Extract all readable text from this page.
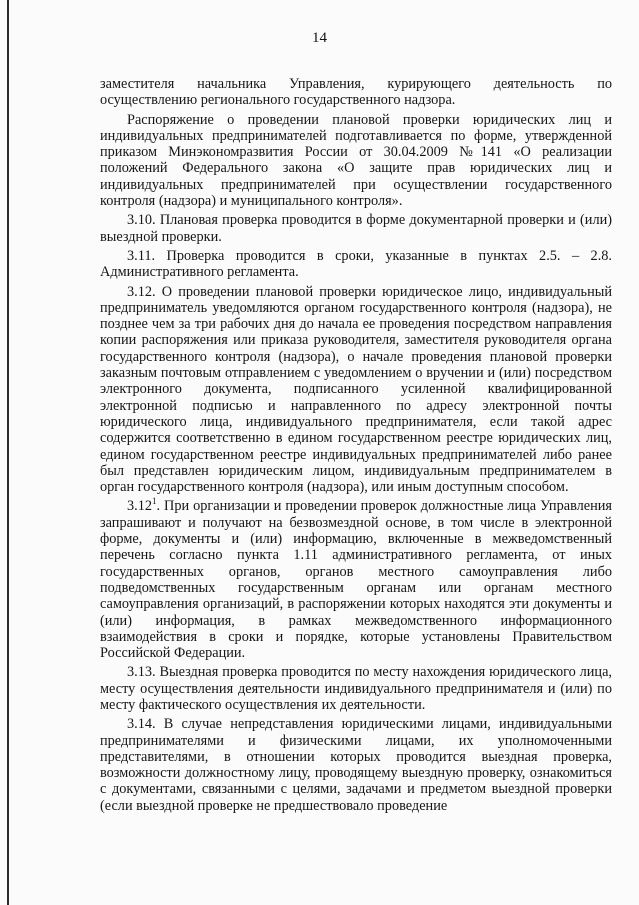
14

заместителя начальника Управления, курирующего деятельность по осуществлению регионального государственного надзора.

Распоряжение о проведении плановой проверки юридических лиц и индивидуальных предпринимателей подготавливается по форме, утвержденной приказом Минэкономразвития России от 30.04.2009 №141 «О реализации положений Федерального закона «О защите прав юридических лиц и индивидуальных предпринимателей при осуществлении государственного контроля (надзора) и муниципального контроля».

3.10. Плановая проверка проводится в форме документарной проверки и (или) выездной проверки.

3.11. Проверка проводится в сроки, указанные в пунктах 2.5. – 2.8. Административного регламента.

3.12. О проведении плановой проверки юридическое лицо, индивидуальный предприниматель уведомляются органом государственного контроля (надзора), не позднее чем за три рабочих дня до начала ее проведения посредством направления копии распоряжения или приказа руководителя, заместителя руководителя органа государственного контроля (надзора), о начале проведения плановой проверки заказным почтовым отправлением с уведомлением о вручении и (или) посредством электронного документа, подписанного усиленной квалифицированной электронной подписью и направленного по адресу электронной почты юридического лица, индивидуального предпринимателя, если такой адрес содержится соответственно в едином государственном реестре юридических лиц, едином государственном реестре индивидуальных предпринимателей либо ранее был представлен юридическим лицом, индивидуальным предпринимателем в орган государственного контроля (надзора), или иным доступным способом.

3.12$^1$. При организации и проведении проверок должностные лица Управления запрашивают и получают на безвозмездной основе, в том числе в электронной форме, документы и (или) информацию, включенные в межведомственный перечень согласно пункта 1.11 административного регламента, от иных государственных органов, органов местного самоуправления либо подведомственных государственным органам или органам местного самоуправления организаций, в распоряжении которых находятся эти документы и (или) информация, в рамках межведомственного информационного взаимодействия в сроки и порядке, которые установлены Правительством Российской Федерации.

3.13. Выездная проверка проводится по месту нахождения юридического лица, месту осуществления деятельности индивидуального предпринимателя и (или) по месту фактического осуществления их деятельности.

3.14. В случае непредставления юридическими лицами, индивидуальными предпринимателями и физическими лицами, их уполномоченными представителями, в отношении которых проводится выездная проверка, возможности должностному лицу, проводящему выездную проверку, ознакомиться с документами, связанными с целями, задачами и предметом выездной проверки (если выездной проверке не предшествовало проведение
